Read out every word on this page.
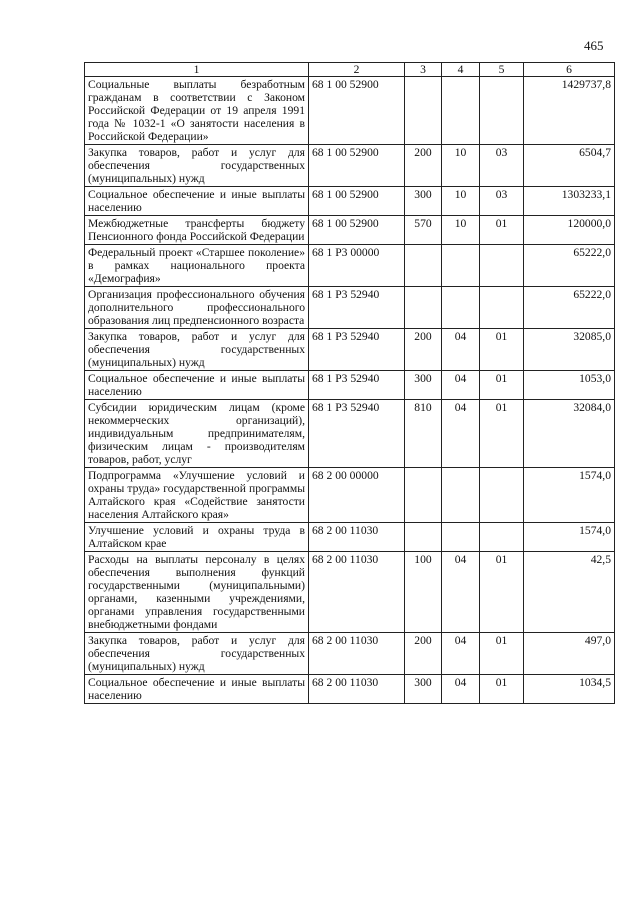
465
1	2	3	4	5	6
Социальные выплаты безработным гражданам в соответствии с Законом Российской Федерации от 19 апреля 1991 года № 1032-1 «О занятости населения в Российской Федерации»	68 1 00 52900				1429737,8
Закупка товаров, работ и услуг для обеспечения государственных (муниципальных) нужд	68 1 00 52900	200	10	03	6504,7
Социальное обеспечение и иные выплаты населению	68 1 00 52900	300	10	03	1303233,1
Межбюджетные трансферты бюджету Пенсионного фонда Российской Федерации	68 1 00 52900	570	10	01	120000,0
Федеральный проект «Старшее поколение» в рамках национального проекта «Демография»	68 1 P3 00000				65222,0
Организация профессионального обучения дополнительного профессионального образования лиц предпенсионного возраста	68 1 P3 52940				65222,0
Закупка товаров, работ и услуг для обеспечения государственных (муниципальных) нужд	68 1 P3 52940	200	04	01	32085,0
Социальное обеспечение и иные выплаты населению	68 1 P3 52940	300	04	01	1053,0
Субсидии юридическим лицам (кроме некоммерческих организаций), индивидуальным предпринимателям, физическим лицам - производителям товаров, работ, услуг	68 1 P3 52940	810	04	01	32084,0
Подпрограмма «Улучшение условий и охраны труда» государственной программы Алтайского края «Содействие занятости населения Алтайского края»	68 2 00 00000				1574,0
Улучшение условий и охраны труда в Алтайском крае	68 2 00 11030				1574,0
Расходы на выплаты персоналу в целях обеспечения выполнения функций государственными (муниципальными) органами, казенными учреждениями, органами управления государственными внебюджетными фондами	68 2 00 11030	100	04	01	42,5
Закупка товаров, работ и услуг для обеспечения государственных (муниципальных) нужд	68 2 00 11030	200	04	01	497,0
Социальное обеспечение и иные выплаты населению	68 2 00 11030	300	04	01	1034,5
